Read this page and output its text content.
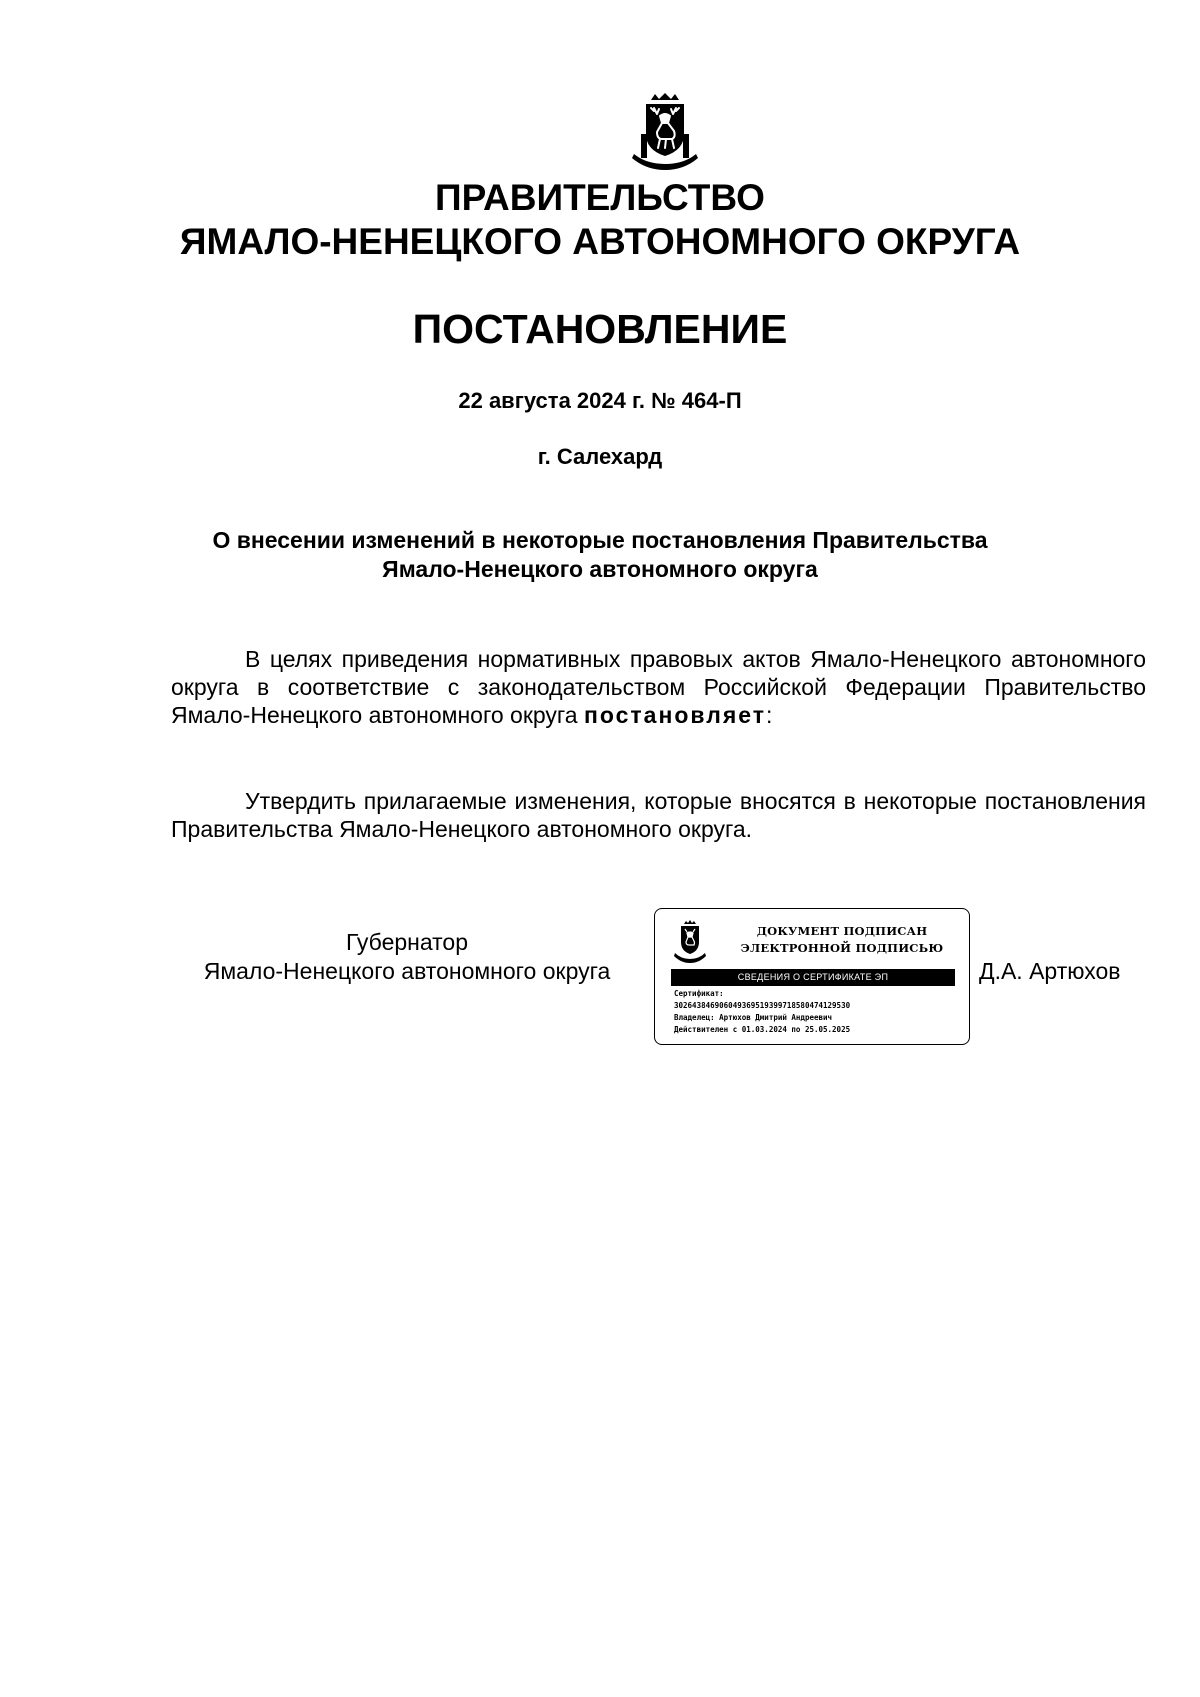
ПРАВИТЕЛЬСТВО
ЯМАЛО-НЕНЕЦКОГО АВТОНОМНОГО ОКРУГА
ПОСТАНОВЛЕНИЕ
22 августа 2024 г. № 464-П
г. Салехард
О внесении изменений в некоторые постановления Правительства
Ямало-Ненецкого автономного округа

В целях приведения нормативных правовых актов Ямало-Ненецкого автономного округа в соответствие с законодательством Российской Федерации Правительство Ямало-Ненецкого автономного округа постановляет:

Утвердить прилагаемые изменения, которые вносятся в некоторые постановления Правительства Ямало-Ненецкого автономного округа.

Губернатор
Ямало-Ненецкого автономного округа
ДОКУМЕНТ ПОДПИСАН
ЭЛЕКТРОННОЙ ПОДПИСЬЮ
СВЕДЕНИЯ О СЕРТИФИКАТЕ ЭП
Сертификат:
302643846906049369519399718580474129530
Владелец: Артюхов Дмитрий Андреевич
Действителен с 01.03.2024 по 25.05.2025
Д.А. Артюхов
